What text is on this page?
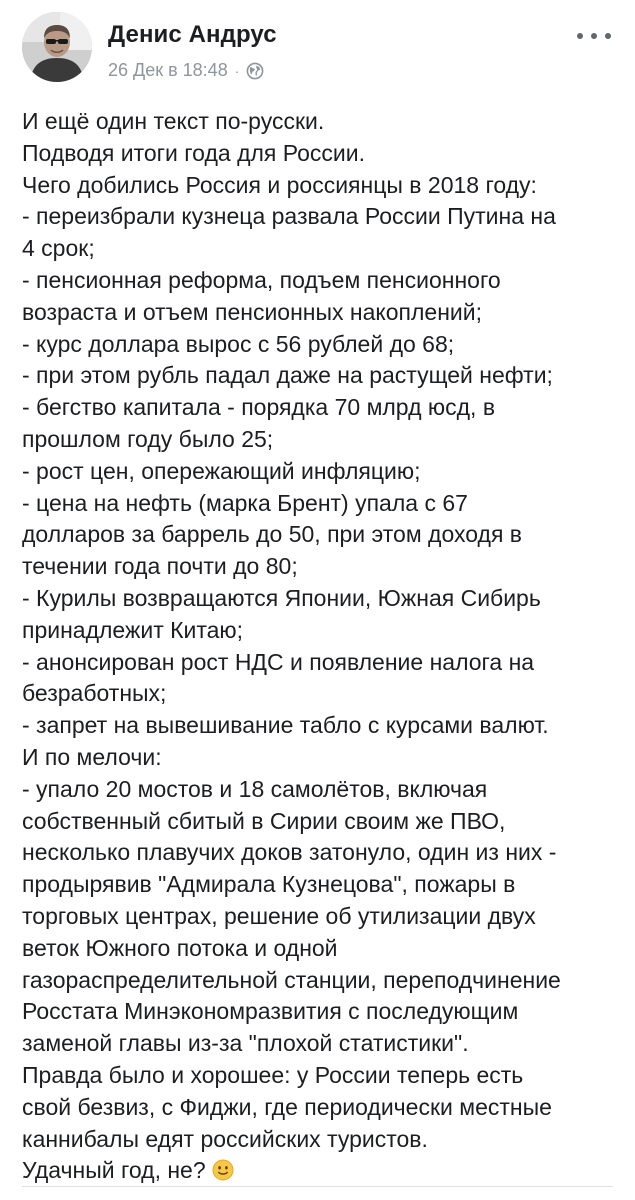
Денис Андрус
26 Дек в 18:48 ·
И ещё один текст по-русски.
Подводя итоги года для России.
Чего добились Россия и россиянцы в 2018 году:
- переизбрали кузнеца развала России Путина на
4 срок;
- пенсионная реформа, подъем пенсионного
возраста и отъем пенсионных накоплений;
- курс доллара вырос с 56 рублей до 68;
- при этом рубль падал даже на растущей нефти;
- бегство капитала - порядка 70 млрд юсд, в
прошлом году было 25;
- рост цен, опережающий инфляцию;
- цена на нефть (марка Брент) упала с 67
долларов за баррель до 50, при этом доходя в
течении года почти до 80;
- Курилы возвращаются Японии, Южная Сибирь
принадлежит Китаю;
- анонсирован рост НДС и появление налога на
безработных;
- запрет на вывешивание табло с курсами валют.
И по мелочи:
- упало 20 мостов и 18 самолётов, включая
собственный сбитый в Сирии своим же ПВО,
несколько плавучих доков затонуло, один из них -
продырявив "Адмирала Кузнецова", пожары в
торговых центрах, решение об утилизации двух
веток Южного потока и одной
газораспределительной станции, переподчинение
Росстата Минэкономразвития с последующим
заменой главы из-за "плохой статистики".
Правда было и хорошее: у России теперь есть
свой безвиз, с Фиджи, где периодически местные
каннибалы едят российских туристов.
Удачный год, не?
